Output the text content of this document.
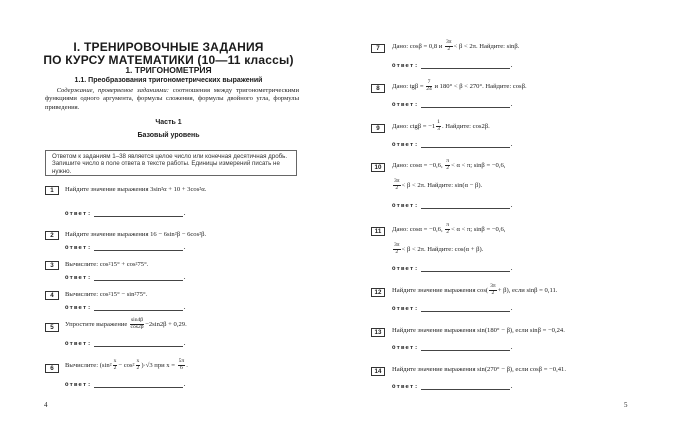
I. ТРЕНИРОВОЧНЫЕ ЗАДАНИЯ
ПО КУРСУ МАТЕМАТИКИ (10—11 классы)
1. ТРИГОНОМЕТРИЯ
1.1. Преобразования тригонометрических выражений
Содержание, проверяемое заданиями: соотношения между тригонометрическими функциями одного аргумента, формулы сложения, формулы двойного угла, формулы приведения.
Часть 1
Базовый уровень
Ответом к заданиям 1–38 является целое число или конечная десятичная дробь. Запишите число в поле ответа в тексте работы. Единицы измерений писать не нужно.
1	Найдите значение выражения 3sin²α + 10 + 3cos²α.
Ответ:	.
2	Найдите значение выражения 16 − 6sin²β − 6cos²β.
Ответ:	.
3	Вычислите: cos²15° + cos²75°.
Ответ:	.
4	Вычислите: cos²15° − sin²75°.
Ответ:	.
5	Упростите выражение $\frac{\sin 4\beta}{\cos 2\beta} -2\sin 2\beta + 0,29$.
Ответ:	.
6	Вычислите: $(\sin^2 \frac{x}{2} - \cos^2 \frac{x}{2} )\cdot√3$ при $x = \frac{5\pi}{6}$ .
Ответ:	.
4
7	Дано: cosβ = 0,8 и $\frac{3\pi}{2} < \beta < 2\pi$. Найдите: sinβ.
Ответ:	.
8	Дано: $tg\beta = \frac{7}{24}$ и 180° < β < 270°. Найдите: cosβ.
Ответ:	.
9	Дано: $ctg\beta = -1 \frac{1}{3}$ . Найдите: cos2β.
Ответ:	.
10	Дано: cosα = −0,6, $\frac{\pi}{2} < \alpha < \pi$; sinβ = −0,6,
$\frac{3\pi}{2} < \beta < 2\pi$. Найдите: sin(α − β).
Ответ:	.
11	Дано: cosα = −0,6, $\frac{\pi}{2} < \alpha < \pi$; sinβ = −0,6,
$\frac{3\pi}{2} < \beta < 2\pi$. Найдите: cos(α + β).
Ответ:	.
12	Найдите значение выражения $\cos( \frac{3\pi}{2} + \beta)$, если sinβ = 0,11.
Ответ:	.
13	Найдите значение выражения sin(180° − β), если sinβ = −0,24.
Ответ:	.
14	Найдите значение выражения sin(270° − β), если cosβ = −0,41.
Ответ:	.
5
